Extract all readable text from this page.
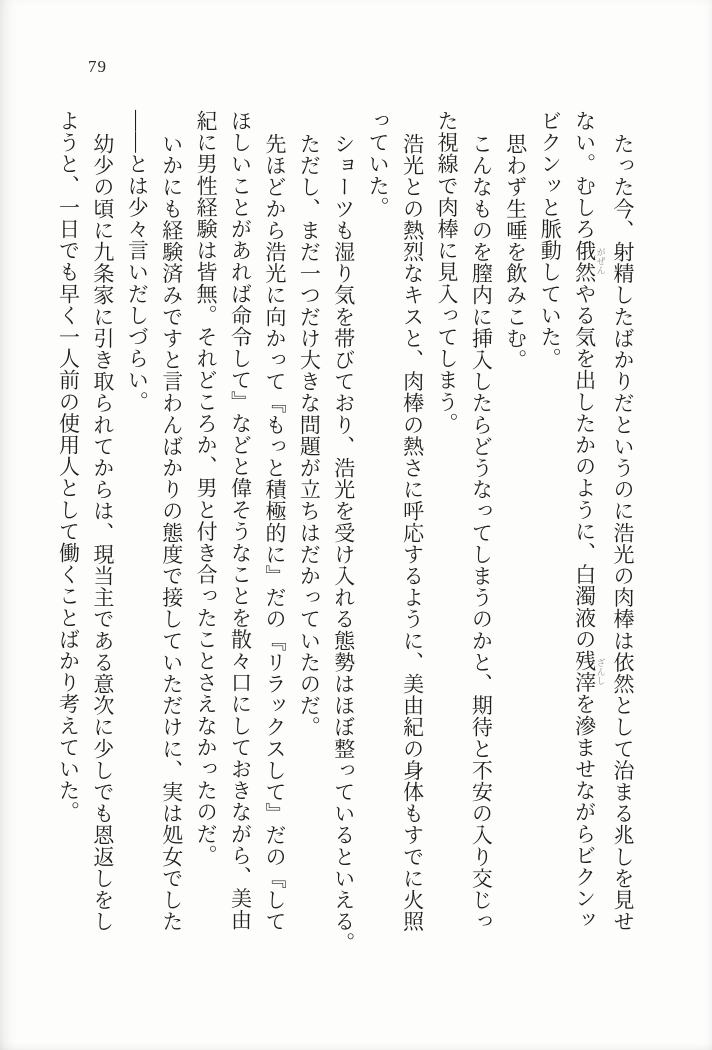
79
たった今、射精したばかりだというのに浩光の肉棒は依然として治まる兆しを見せ
ない。むしろ俄然 がぜんやる気を出したかのように、白濁液の残滓 ざんしを滲ませながらビクンッ
ビクンッと脈動していた。
思わず生唾を飲みこむ。
こんなものを膣内に挿入したらどうなってしまうのかと、期待と不安の入り交じっ
た視線で肉棒に見入ってしまう。
浩光との熱烈なキスと、肉棒の熱さに呼応するように、美由紀の身体もすでに火照
っていた。
ショーツも湿り気を帯びており、浩光を受け入れる態勢はほぼ整っているといえる。
ただし、まだ一つだけ大きな問題が立ちはだかっていたのだ。
先ほどから浩光に向かって『もっと積極的に』だの『リラックスして』だの『して
ほしいことがあれば命令して』などと偉そうなことを散々口にしておきながら、美由
紀に男性経験は皆無。それどころか、男と付き合ったことさえなかったのだ。
いかにも経験済みですと言わんばかりの態度で接していただけに、実は処女でした
――とは少々言いだしづらい。
幼少の頃に九条家に引き取られてからは、現当主である意次に少しでも恩返しをし
ようと、一日でも早く一人前の使用人として働くことばかり考えていた。
